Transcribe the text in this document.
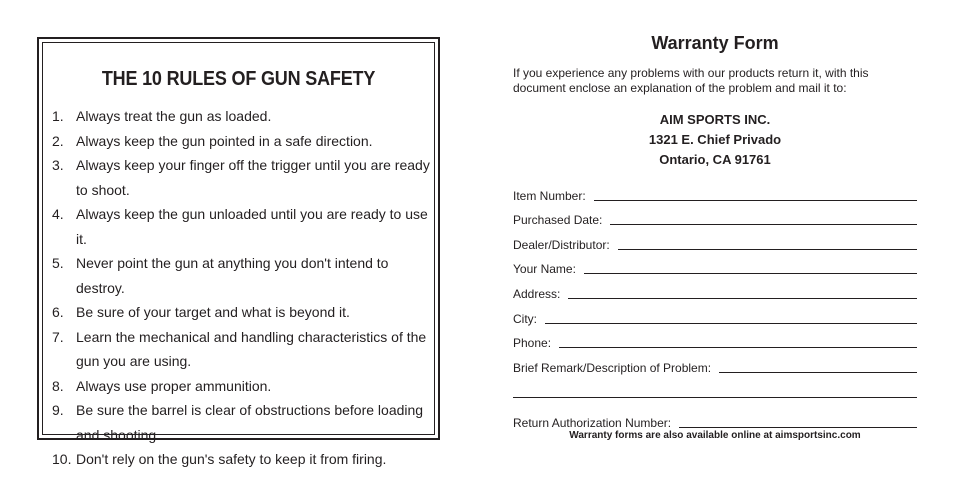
THE 10 RULES OF GUN SAFETY
1. Always treat the gun as loaded.
2. Always keep the gun pointed in a safe direction.
3. Always keep your finger off the trigger until you are ready to shoot.
4. Always keep the gun unloaded until you are ready to use it.
5. Never point the gun at anything you don't intend to destroy.
6. Be sure of your target and what is beyond it.
7. Learn the mechanical and handling characteristics of the gun you are using.
8. Always use proper ammunition.
9. Be sure the barrel is clear of obstructions before loading and shooting.
10. Don't rely on the gun's safety to keep it from firing.
Warranty Form
If you experience any problems with our products return it, with this document enclose an explanation of the problem and mail it to:
AIM SPORTS INC.
1321 E. Chief Privado
Ontario, CA 91761
Item Number:
Purchased Date:
Dealer/Distributor:
Your Name:
Address:
City:
Phone:
Brief Remark/Description of Problem:
Return Authorization Number:
Warranty forms are also available online at aimsportsinc.com
